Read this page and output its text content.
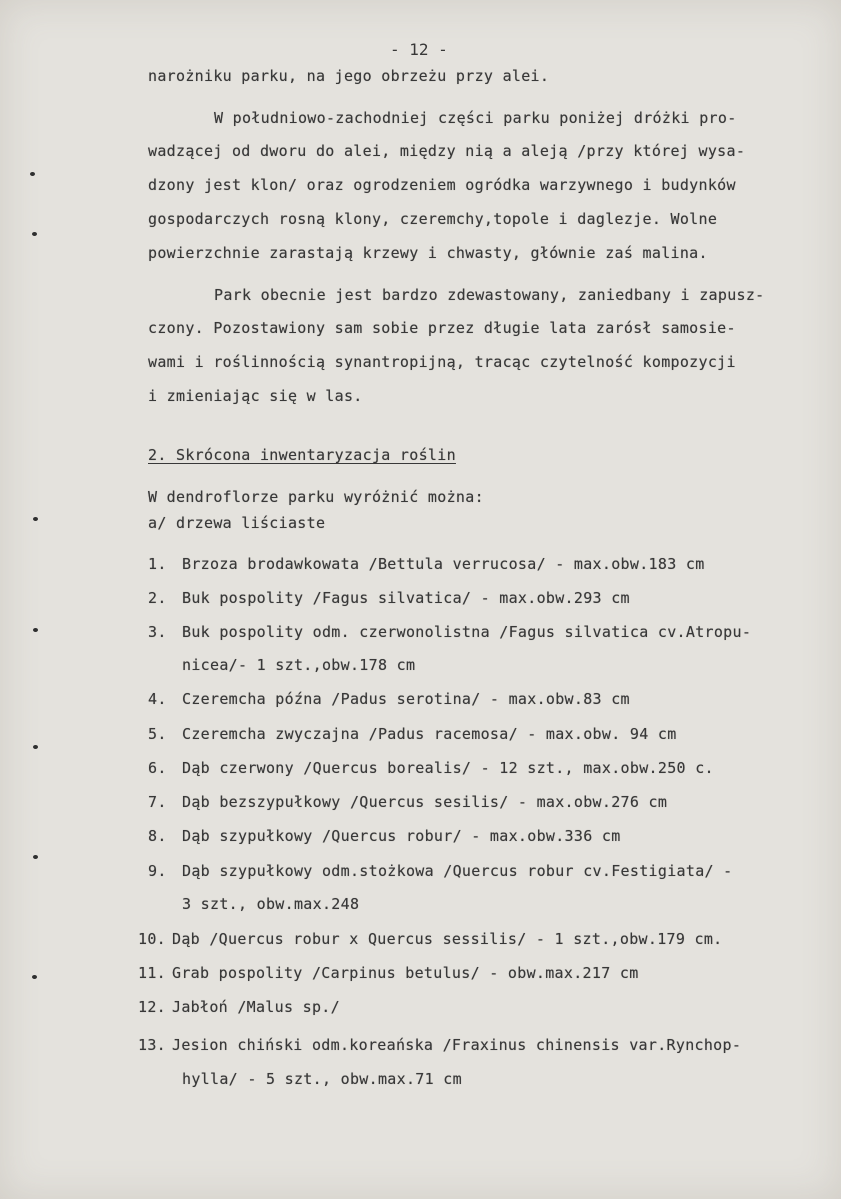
- 12 -
narożniku parku, na jego obrzeżu przy alei.
W południowo-zachodniej części parku poniżej dróżki pro-
wadzącej od dworu do alei, między nią a aleją /przy której wysa-
dzony jest klon/ oraz ogrodzeniem ogródka warzywnego i budynków
gospodarczych rosną klony, czeremchy,topole i daglezje. Wolne
powierzchnie zarastają krzewy i chwasty, głównie zaś malina.
Park obecnie jest bardzo zdewastowany, zaniedbany i zapusz-
czony. Pozostawiony sam sobie przez długie lata zarósł samosie-
wami i roślinnością synantropijną, tracąc czytelność kompozycji
i zmieniając się w las.
2. Skrócona inwentaryzacja roślin
W dendroflorze parku wyróżnić można:
a/ drzewa liściaste
1. Brzoza brodawkowata /Bettula verrucosa/ - max.obw.183 cm
2. Buk pospolity /Fagus silvatica/ - max.obw.293 cm
3. Buk pospolity odm. czerwonolistna /Fagus silvatica cv.Atropu-
nicea/- 1 szt.,obw.178 cm
4. Czeremcha późna /Padus serotina/ - max.obw.83 cm
5. Czeremcha zwyczajna /Padus racemosa/ - max.obw. 94 cm
6. Dąb czerwony /Quercus borealis/ - 12 szt., max.obw.250 c.
7. Dąb bezszypułkowy /Quercus sesilis/ - max.obw.276 cm
8. Dąb szypułkowy /Quercus robur/ - max.obw.336 cm
9. Dąb szypułkowy odm.stożkowa /Quercus robur cv.Festigiata/ -
3 szt., obw.max.248
10. Dąb /Quercus robur x Quercus sessilis/ - 1 szt.,obw.179 cm.
11. Grab pospolity /Carpinus betulus/ - obw.max.217 cm
12. Jabłoń /Malus sp./
13. Jesion chiński odm.koreańska /Fraxinus chinensis var.Rynchop-
hylla/ - 5 szt., obw.max.71 cm
